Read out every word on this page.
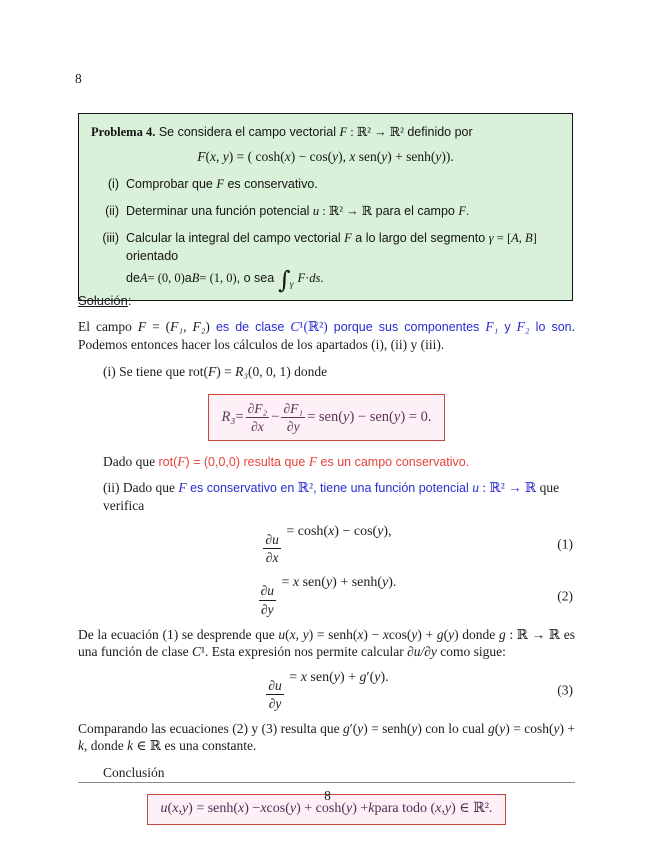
8
Problema 4. Se considera el campo vectorial F : ℝ² → ℝ² definido por
F(x, y) = ( cosh(x) − cos(y), x sen(y) + senh(y)).
(i) Comprobar que F es conservativo.
(ii) Determinar una función potencial u : ℝ² → ℝ para el campo F.
(iii) Calcular la integral del campo vectorial F a lo largo del segmento γ = [A, B] orientado
de A = (0, 0) a B = (1, 0) , o sea ∫ γ F · ds .
Solución:
El campo F = (F₁, F₂) es de clase C¹(ℝ²) porque sus componentes F₁ y F₂ lo son. Podemos entonces hacer los cálculos de los apartados (i), (ii) y (iii).
(i) Se tiene que rot(F) = R₃(0, 0, 1) donde
$R_3 = \frac{\text{∂F₂}}{\partial x} - \frac{\text{∂F₁}}{\partial y} = sen$( y ) − sen( y ) = 0.
Dado que rot(F) = (0,0,0) resulta que F es un campo conservativo.
(ii) Dado que F es conservativo en ℝ², tiene una función potencial u : ℝ² → ℝ que verifica
$\frac{\partial u}{\partial x}$
= cosh(x) − cos(y),
(1)
$\frac{\partial u}{\partial y}$
= x sen(y) + senh(y).
(2)
De la ecuación (1) se desprende que u(x, y) = senh(x) − xcos(y) + g(y) donde g : ℝ → ℝ es una función de clase C¹. Esta expresión nos permite calcular ∂u/∂y como sigue:
$\frac{\partial u}{\partial y}$
= x sen(y) + g′(y).
(3)
Comparando las ecuaciones (2) y (3) resulta que g′(y) = senh(y) con lo cual g(y) = cosh(y) + k, donde k ∈ ℝ es una constante.
Conclusión
u ( x , y ) = senh( x ) − x cos( y ) + cosh( y ) + k para todo ( x , y ) ∈ ℝ².
8
